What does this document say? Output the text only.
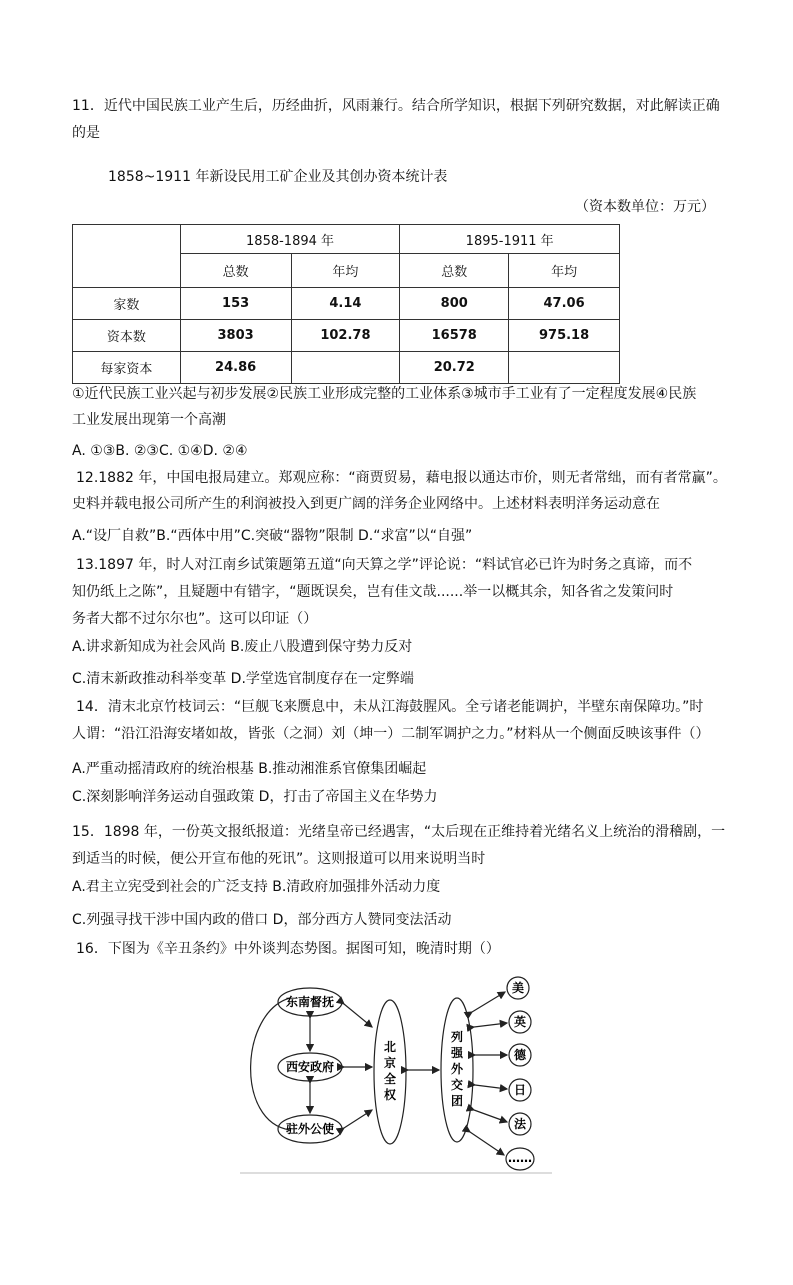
11．近代中国民族工业产生后，历经曲折，风雨兼行。结合所学知识，根据下列研究数据，对此解读正确
的是
1858~1911 年新设民用工矿企业及其创办资本统计表
（资本数单位：万元）
	1858-1894 年		1895-1911 年	
	总数	年均	总数	年均
家数	153	4.14	800	47.06
资本数	3803	102.78	16578	975.18
每家资本	24.86		20.72	
①近代民族工业兴起与初步发展②民族工业形成完整的工业体系③城市手工业有了一定程度发展④民族
工业发展出现第一个高潮
A. ①③B. ②③C. ①④D. ②④
12.1882 年，中国电报局建立。郑观应称：“商贾贸易，藉电报以通达市价，则无者常绌，而有者常赢”。
史料并载电报公司所产生的利润被投入到更广阔的洋务企业网络中。上述材料表明洋务运动意在
A.“设厂自救”B.“西体中用”C.突破“器物”限制 D.“求富”以“自强”
13.1897 年，时人对江南乡试策题第五道“向天算之学”评论说：“料试官必已许为时务之真谛，而不
知仍纸上之陈”，且疑题中有错字，“题既误矣，岂有佳文哉......举一以概其余，知各省之发策问时
务者大都不过尔尔也”。这可以印证（）
A.讲求新知成为社会风尚 B.废止八股遭到保守势力反对
C.清末新政推动科举变革 D.学堂选官制度存在一定弊端
14．清末北京竹枝词云：“巨舰飞来赝息中，未从江海鼓腥风。全亏诸老能调护，半壁东南保障功。”时
人谓：“沿江沿海安堵如故，皆张（之洞）刘（坤一）二制军调护之力。”材料从一个侧面反映该事件（）
A.严重动摇清政府的统治根基 B.推动湘淮系官僚集团崛起
C.深刻影响洋务运动自强政策 D，打击了帝国主义在华势力
15．1898 年，一份英文报纸报道：光绪皇帝已经遇害，“太后现在正维持着光绪名义上统治的滑稽剧，一
到适当的时候，便公开宣布他的死讯”。这则报道可以用来说明当时
A.君主立宪受到社会的广泛支持 B.清政府加强排外活动力度
C.列强寻找干涉中国内政的借口 D，部分西方人赞同变法活动
16．下图为《辛丑条约》中外谈判态势图。据图可知，晚清时期（）
东南督抚
西安政府
驻外公使
北
京
全
权
列
强
外
交
团
美
英
德
日
法
……
